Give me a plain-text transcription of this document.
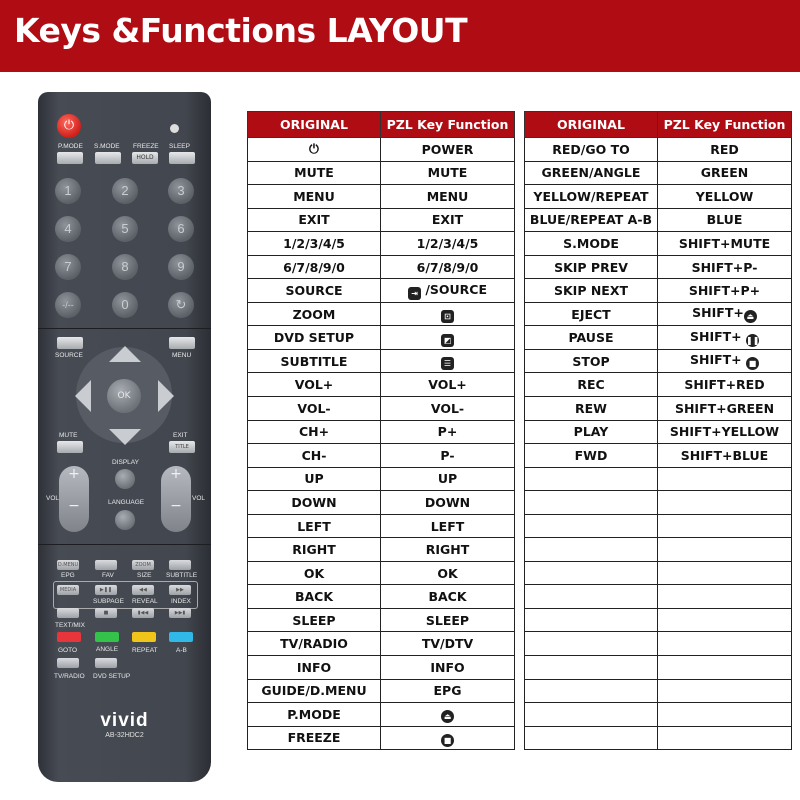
Keys &Functions LAYOUT
⏻
P.MODE S.MODE FREEZE SLEEP
HOLD
1	2	3
4	5	6
7	8	9
-/--	0	↻
SOURCE	MENU
OK
MUTE	EXIT
TITLE
DISPLAY
LANGUAGE
+

−
VOL
+

−	VOL
D.MENU	ZOOM
EPG	FAV	SIZE SUBTITLE
MEDIA	▶❚❚	◀◀	▶▶
SUBPAGE REVEAL INDEX
■	▮◀◀	▶▶▮
TEXT/MIX
GOTO	ANGLE REPEAT	A-B
TV/RADIO DVD SETUP
vivid
AB-32HDC2
ORIGINAL	PZL Key Function
⏻	POWER
MUTE	MUTE
MENU	MENU
EXIT	EXIT
1/2/3/4/5	1/2/3/4/5
6/7/8/9/0	6/7/8/9/0
SOURCE	⇥ /SOURCE
ZOOM	⊡
DVD SETUP	◩
SUBTITLE	☰
VOL+	VOL+
VOL-	VOL-
CH+	P+
CH-	P-
UP	UP
DOWN	DOWN
LEFT	LEFT
RIGHT	RIGHT
OK	OK
BACK	BACK
SLEEP	SLEEP
TV/RADIO	TV/DTV
INFO	INFO
GUIDE/D.MENU	EPG
P.MODE	⏏
FREEZE	■
ORIGINAL	PZL Key Function
RED/GO TO	RED
GREEN/ANGLE	GREEN
YELLOW/REPEAT	YELLOW
BLUE/REPEAT A-B	BLUE
S.MODE	SHIFT+MUTE
SKIP PREV	SHIFT+P-
SKIP NEXT	SHIFT+P+
EJECT	SHIFT+ ⏏
PAUSE	SHIFT+ ❚❚
STOP	SHIFT+ ■
REC	SHIFT+RED
REW	SHIFT+GREEN
PLAY	SHIFT+YELLOW
FWD	SHIFT+BLUE
